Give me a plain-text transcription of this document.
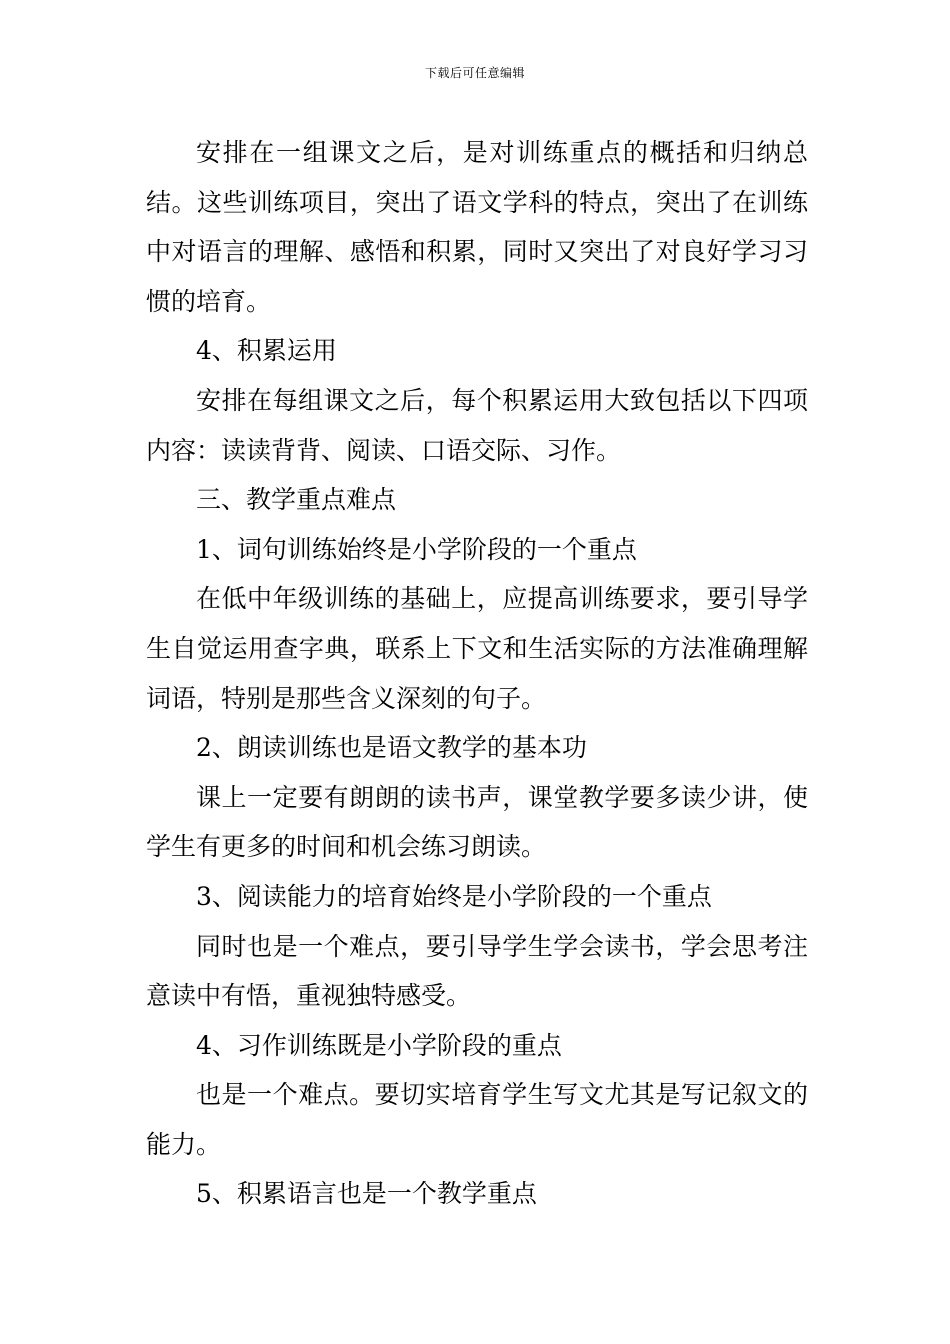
下载后可任意编辑

安排在一组课文之后，是对训练重点的概括和归纳总结。这些训练项目，突出了语文学科的特点，突出了在训练中对语言的理解、感悟和积累，同时又突出了对良好学习习惯的培育。

4、积累运用

安排在每组课文之后，每个积累运用大致包括以下四项内容：读读背背、阅读、口语交际、习作。

三、教学重点难点

1、词句训练始终是小学阶段的一个重点

在低中年级训练的基础上，应提高训练要求，要引导学生自觉运用查字典，联系上下文和生活实际的方法准确理解词语，特别是那些含义深刻的句子。

2、朗读训练也是语文教学的基本功

课上一定要有朗朗的读书声，课堂教学要多读少讲，使学生有更多的时间和机会练习朗读。

3、阅读能力的培育始终是小学阶段的一个重点

同时也是一个难点，要引导学生学会读书，学会思考注意读中有悟，重视独特感受。

4、习作训练既是小学阶段的重点

也是一个难点。要切实培育学生写文尤其是写记叙文的能力。

5、积累语言也是一个教学重点
